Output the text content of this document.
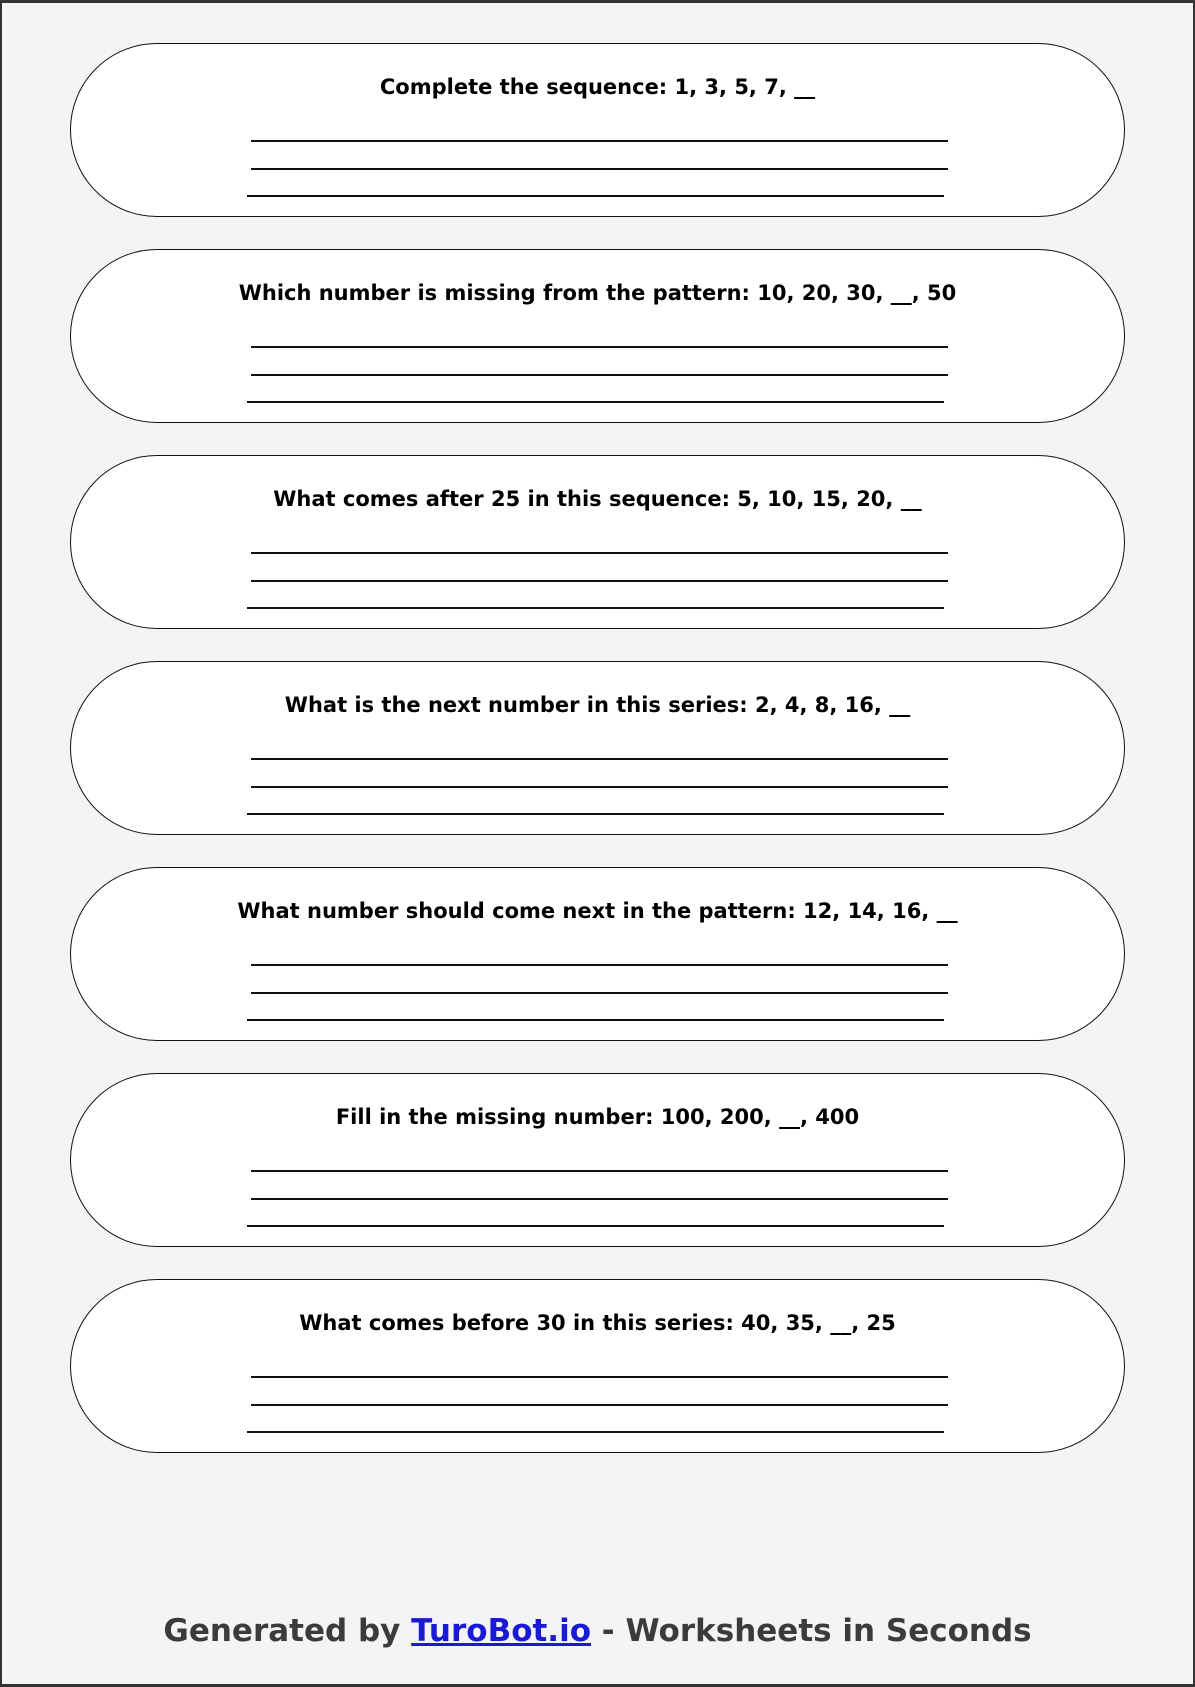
Complete the sequence: 1, 3, 5, 7, __
Which number is missing from the pattern: 10, 20, 30, __, 50
What comes after 25 in this sequence: 5, 10, 15, 20, __
What is the next number in this series: 2, 4, 8, 16, __
What number should come next in the pattern: 12, 14, 16, __
Fill in the missing number: 100, 200, __, 400
What comes before 30 in this series: 40, 35, __, 25
Generated by TuroBot.io - Worksheets in Seconds
